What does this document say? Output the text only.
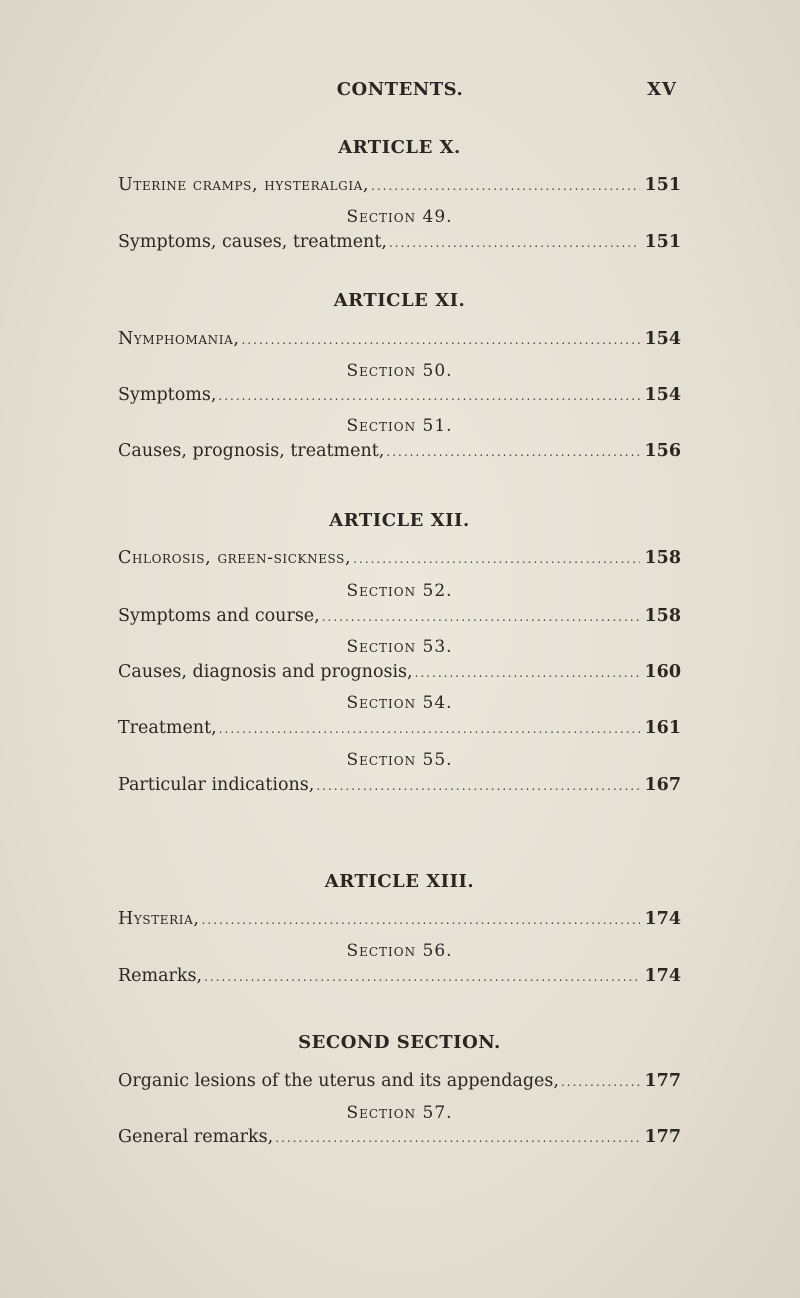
CONTENTS.	XV
ARTICLE X.
Uterine cramps, hysteralgia, .....	151
Section 49.
Symptoms, causes, treatment, .....	151
ARTICLE XI.
Nymphomania, .....	154
Section 50.
Symptoms, .....	154
Section 51.
Causes, prognosis, treatment, .....	156
ARTICLE XII.
Chlorosis, green-sickness, .....	158
Section 52.
Symptoms and course, .....	158
Section 53.
Causes, diagnosis and prognosis, .....	160
Section 54.
Treatment, .....	161
Section 55.
Particular indications, .....	167
ARTICLE XIII.
Hysteria, .....	174
Section 56.
Remarks, .....	174
SECOND SECTION.
Organic lesions of the uterus and its appendages, .....	177
Section 57.
General remarks, .....	177
